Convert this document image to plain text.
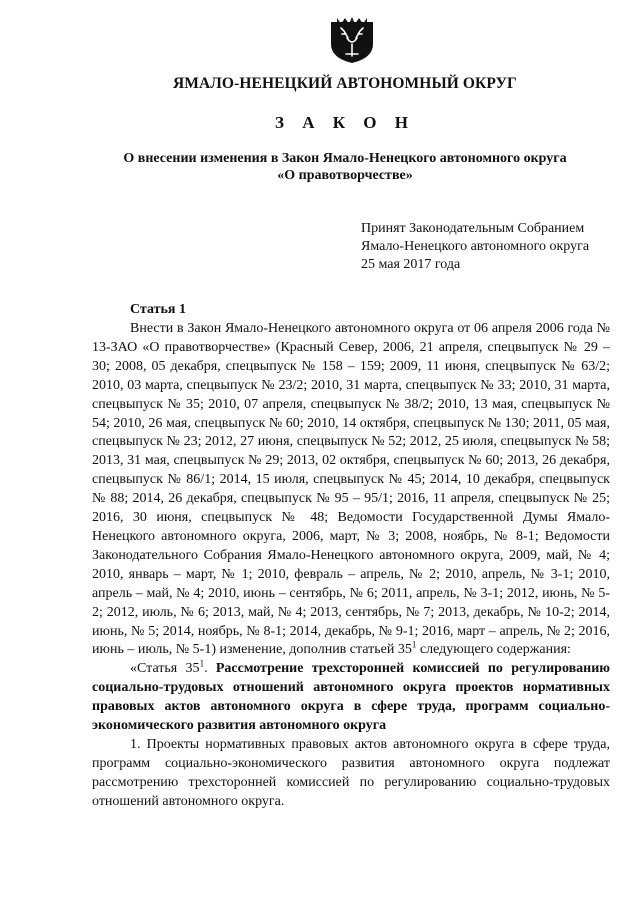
ЯМАЛО-НЕНЕЦКИЙ АВТОНОМНЫЙ ОКРУГ
З А К О Н
О внесении изменения в Закон Ямало-Ненецкого автономного округа
«О правотворчестве»
Принят Законодательным Собранием
Ямало-Ненецкого автономного округа
25 мая 2017 года
Статья 1

Внести в Закон Ямало-Ненецкого автономного округа от 06 апреля 2006 года № 13-ЗАО «О правотворчестве» (Красный Север, 2006, 21 апреля, спецвыпуск № 29 – 30; 2008, 05 декабря, спецвыпуск № 158 – 159; 2009, 11 июня, спецвыпуск № 63/2; 2010, 03 марта, спецвыпуск № 23/2; 2010, 31 марта, спецвыпуск № 33; 2010, 31 марта, спецвыпуск № 35; 2010, 07 апреля, спецвыпуск № 38/2; 2010, 13 мая, спецвыпуск № 54; 2010, 26 мая, спецвыпуск № 60; 2010, 14 октября, спецвыпуск № 130; 2011, 05 мая, спецвыпуск № 23; 2012, 27 июня, спецвыпуск № 52; 2012, 25 июля, спецвыпуск № 58; 2013, 31 мая, спецвыпуск № 29; 2013, 02 октября, спецвыпуск № 60; 2013, 26 декабря, спецвыпуск № 86/1; 2014, 15 июля, спецвыпуск № 45; 2014, 10 декабря, спецвыпуск № 88; 2014, 26 декабря, спецвыпуск № 95 – 95/1; 2016, 11 апреля, спецвыпуск № 25; 2016, 30 июня, спецвыпуск № 48; Ведомости Государственной Думы Ямало-Ненецкого автономного округа, 2006, март, № 3; 2008, ноябрь, № 8-1; Ведомости Законодательного Собрания Ямало-Ненецкого автономного округа, 2009, май, № 4; 2010, январь – март, № 1; 2010, февраль – апрель, № 2; 2010, апрель, № 3-1; 2010, апрель – май, № 4; 2010, июнь – сентябрь, № 6; 2011, апрель, № 3-1; 2012, июнь, № 5-2; 2012, июль, № 6; 2013, май, № 4; 2013, сентябрь, № 7; 2013, декабрь, № 10-2; 2014, июнь, № 5; 2014, ноябрь, № 8-1; 2014, декабрь, № 9-1; 2016, март – апрель, № 2; 2016, июнь – июль, № 5-1) изменение, дополнив статьей $35^1$ следующего содержания:

«Статья $35^1$. Рассмотрение трехсторонней комиссией по регулированию социально-трудовых отношений автономного округа проектов нормативных правовых актов автономного округа в сфере труда, программ социально-экономического развития автономного округа

1. Проекты нормативных правовых актов автономного округа в сфере труда, программ социально-экономического развития автономного округа подлежат рассмотрению трехсторонней комиссией по регулированию социально-трудовых отношений автономного округа.
